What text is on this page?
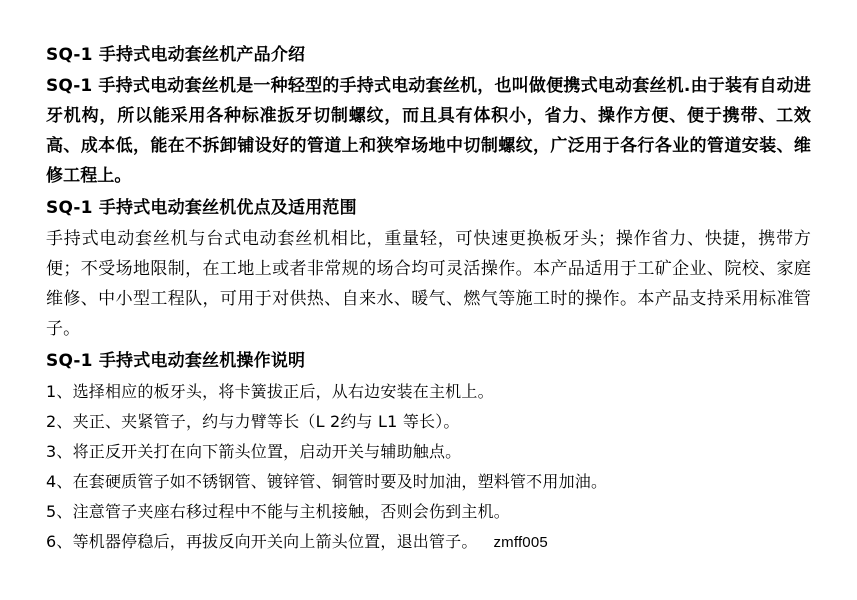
SQ-1 手持式电动套丝机产品介绍

SQ-1 手持式电动套丝机是一种轻型的手持式电动套丝机，也叫做便携式电动套丝机.由于装有自动进牙机构，所以能采用各种标准扳牙切制螺纹，而且具有体积小，省力、操作方便、便于携带、工效高、成本低，能在不拆卸铺设好的管道上和狭窄场地中切制螺纹，广泛用于各行各业的管道安装、维修工程上。

SQ-1 手持式电动套丝机优点及适用范围

手持式电动套丝机与台式电动套丝机相比，重量轻，可快速更换板牙头；操作省力、快捷，携带方便；不受场地限制，在工地上或者非常规的场合均可灵活操作。本产品适用于工矿企业、院校、家庭维修、中小型工程队，可用于对供热、自来水、暖气、燃气等施工时的操作。本产品支持采用标准管子。

SQ-1 手持式电动套丝机操作说明

1、选择相应的板牙头，将卡簧拔正后，从右边安装在主机上。

2、夹正、夹紧管子，约与力臂等长（L 2约与 L1 等长）。

3、将正反开关打在向下箭头位置，启动开关与辅助触点。

4、在套硬质管子如不锈钢管、镀锌管、铜管时要及时加油，塑料管不用加油。

5、注意管子夹座右移过程中不能与主机接触，否则会伤到主机。

6、等机器停稳后，再拔反向开关向上箭头位置，退出管子。 zmff005
